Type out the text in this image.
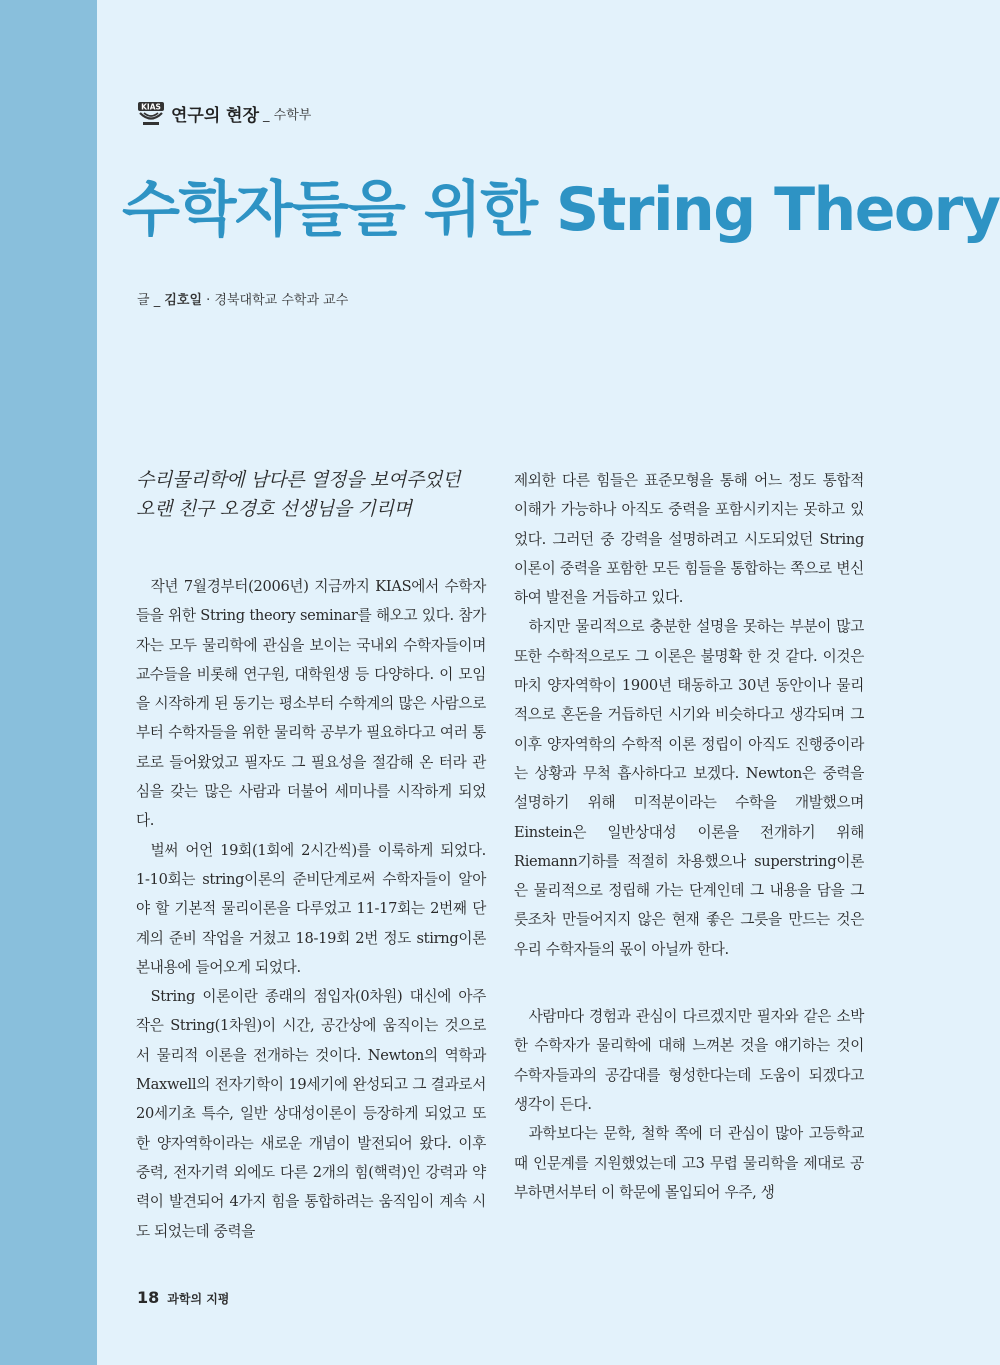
KIAS 연구의 현장 _ 수학부
수학자들을 위한 String Theory
글 _ 김호일 · 경북대학교 수학과 교수
수리물리학에 남다른 열정을 보여주었던
오랜 친구 오경호 선생님을 기리며

작년 7월경부터(2006년) 지금까지 KIAS에서 수학자들을 위한 String theory seminar를 해오고 있다. 참가자는 모두 물리학에 관심을 보이는 국내외 수학자들이며 교수들을 비롯해 연구원, 대학원생 등 다양하다. 이 모임을 시작하게 된 동기는 평소부터 수학계의 많은 사람으로부터 수학자들을 위한 물리학 공부가 필요하다고 여러 통로로 들어왔었고 필자도 그 필요성을 절감해 온 터라 관심을 갖는 많은 사람과 더불어 세미나를 시작하게 되었다.

벌써 어언 19회(1회에 2시간씩)를 이룩하게 되었다. 1-10회는 string이론의 준비단계로써 수학자들이 알아야 할 기본적 물리이론을 다루었고 11-17회는 2번째 단계의 준비 작업을 거쳤고 18-19회 2번 정도 stirng이론 본내용에 들어오게 되었다.

String 이론이란 종래의 점입자(0차원) 대신에 아주 작은 String(1차원)이 시간, 공간상에 움직이는 것으로서 물리적 이론을 전개하는 것이다. Newton의 역학과 Maxwell의 전자기학이 19세기에 완성되고 그 결과로서 20세기초 특수, 일반 상대성이론이 등장하게 되었고 또한 양자역학이라는 새로운 개념이 발전되어 왔다. 이후 중력, 전자기력 외에도 다른 2개의 힘(핵력)인 강력과 약력이 발견되어 4가지 힘을 통합하려는 움직임이 계속 시도 되었는데 중력을

제외한 다른 힘들은 표준모형을 통해 어느 정도 통합적 이해가 가능하나 아직도 중력을 포함시키지는 못하고 있었다. 그러던 중 강력을 설명하려고 시도되었던 String이론이 중력을 포함한 모든 힘들을 통합하는 쪽으로 변신하여 발전을 거듭하고 있다.

하지만 물리적으로 충분한 설명을 못하는 부분이 많고 또한 수학적으로도 그 이론은 불명확 한 것 같다. 이것은 마치 양자역학이 1900년 태동하고 30년 동안이나 물리적으로 혼돈을 거듭하던 시기와 비슷하다고 생각되며 그 이후 양자역학의 수학적 이론 정립이 아직도 진행중이라는 상황과 무척 흡사하다고 보겠다. Newton은 중력을 설명하기 위해 미적분이라는 수학을 개발했으며 Einstein은 일반상대성 이론을 전개하기 위해 Riemann기하를 적절히 차용했으나 superstring이론은 물리적으로 정립해 가는 단계인데 그 내용을 담을 그릇조차 만들어지지 않은 현재 좋은 그릇을 만드는 것은 우리 수학자들의 몫이 아닐까 한다.

사람마다 경험과 관심이 다르겠지만 필자와 같은 소박한 수학자가 물리학에 대해 느껴본 것을 얘기하는 것이 수학자들과의 공감대를 형성한다는데 도움이 되겠다고 생각이 든다.

과학보다는 문학, 철학 쪽에 더 관심이 많아 고등학교때 인문계를 지원했었는데 고3 무렵 물리학을 제대로 공부하면서부터 이 학문에 몰입되어 우주, 생

18 과학의 지평
